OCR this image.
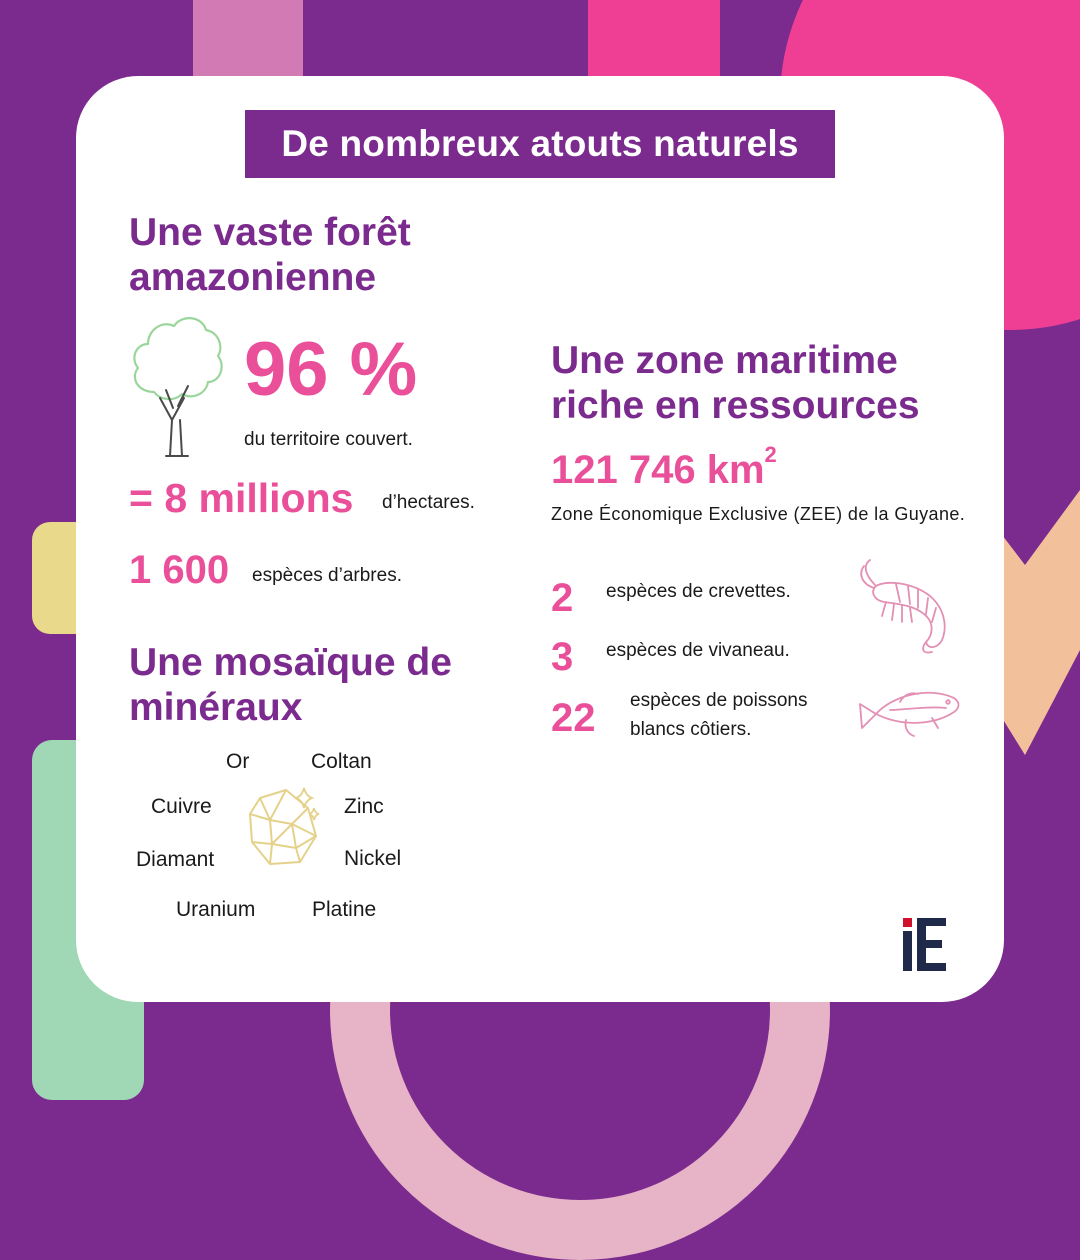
De nombreux atouts naturels
Une vaste forêt
amazonienne
96 %
du territoire couvert.
= 8 millions d’hectares.
1 600 espèces d’arbres.
Une mosaïque de
minéraux
Or	Coltan
Cuivre	Zinc
Diamant	Nickel
Uranium	Platine
Une zone maritime
riche en ressources
121 746 $km^2$
Zone Économique Exclusive (ZEE) de la Guyane.
2 espèces de crevettes.
3 espèces de vivaneau.
22 espèces de poissons blancs côtiers.
